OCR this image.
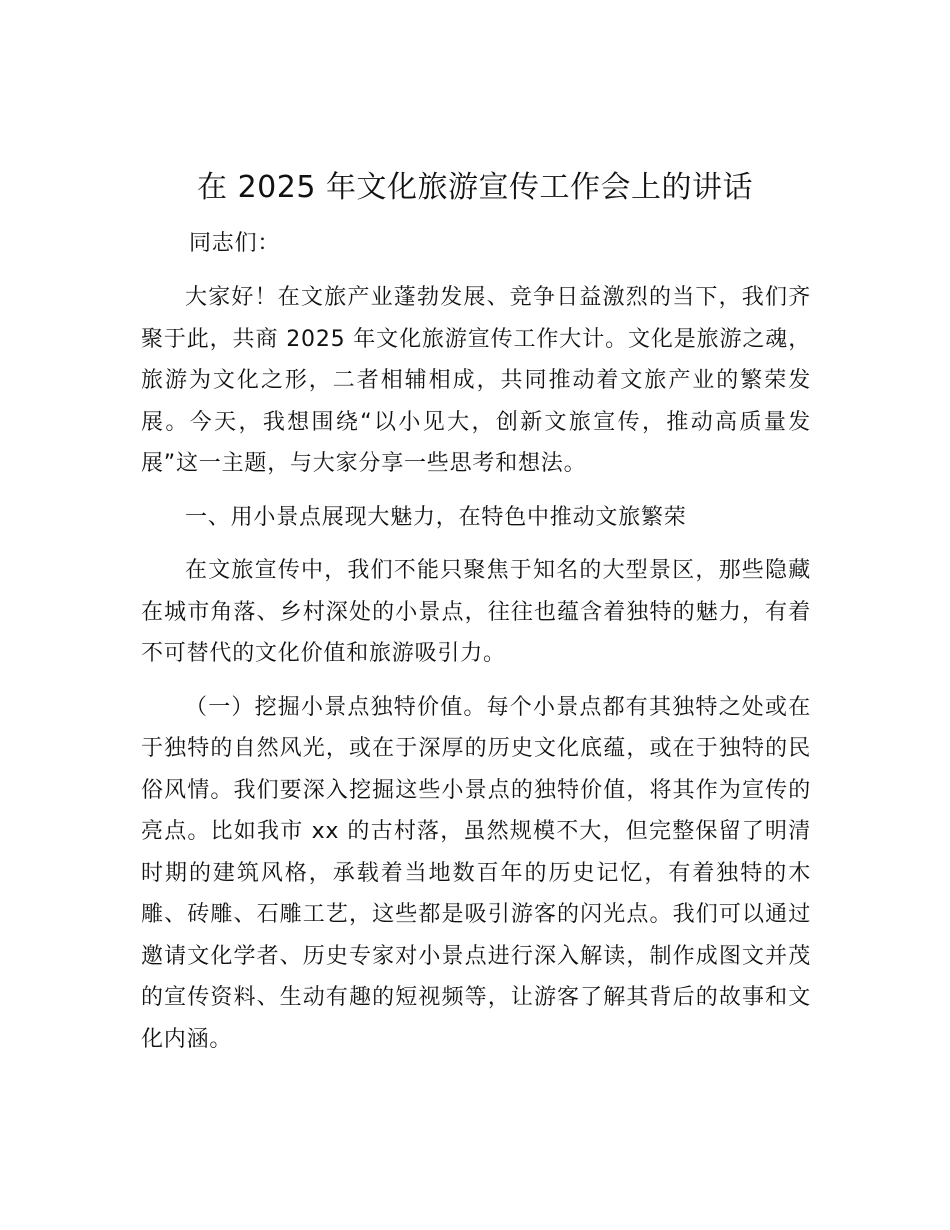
在 2025 年文化旅游宣传工作会上的讲话
同志们：

大家好！在文旅产业蓬勃发展、竞争日益激烈的当下，我们齐聚于此，共商 2025 年文化旅游宣传工作大计。文化是旅游之魂，旅游为文化之形，二者相辅相成，共同推动着文旅产业的繁荣发展。今天，我想围绕“以小见大，创新文旅宣传，推动高质量发展”这一主题，与大家分享一些思考和想法。

一、用小景点展现大魅力，在特色中推动文旅繁荣

在文旅宣传中，我们不能只聚焦于知名的大型景区，那些隐藏在城市角落、乡村深处的小景点，往往也蕴含着独特的魅力，有着不可替代的文化价值和旅游吸引力。

（一）挖掘小景点独特价值。每个小景点都有其独特之处或在于独特的自然风光，或在于深厚的历史文化底蕴，或在于独特的民俗风情。我们要深入挖掘这些小景点的独特价值，将其作为宣传的亮点。比如我市 xx 的古村落，虽然规模不大，但完整保留了明清时期的建筑风格，承载着当地数百年的历史记忆，有着独特的木雕、砖雕、石雕工艺，这些都是吸引游客的闪光点。我们可以通过邀请文化学者、历史专家对小景点进行深入解读，制作成图文并茂的宣传资料、生动有趣的短视频等，让游客了解其背后的故事和文化内涵。
